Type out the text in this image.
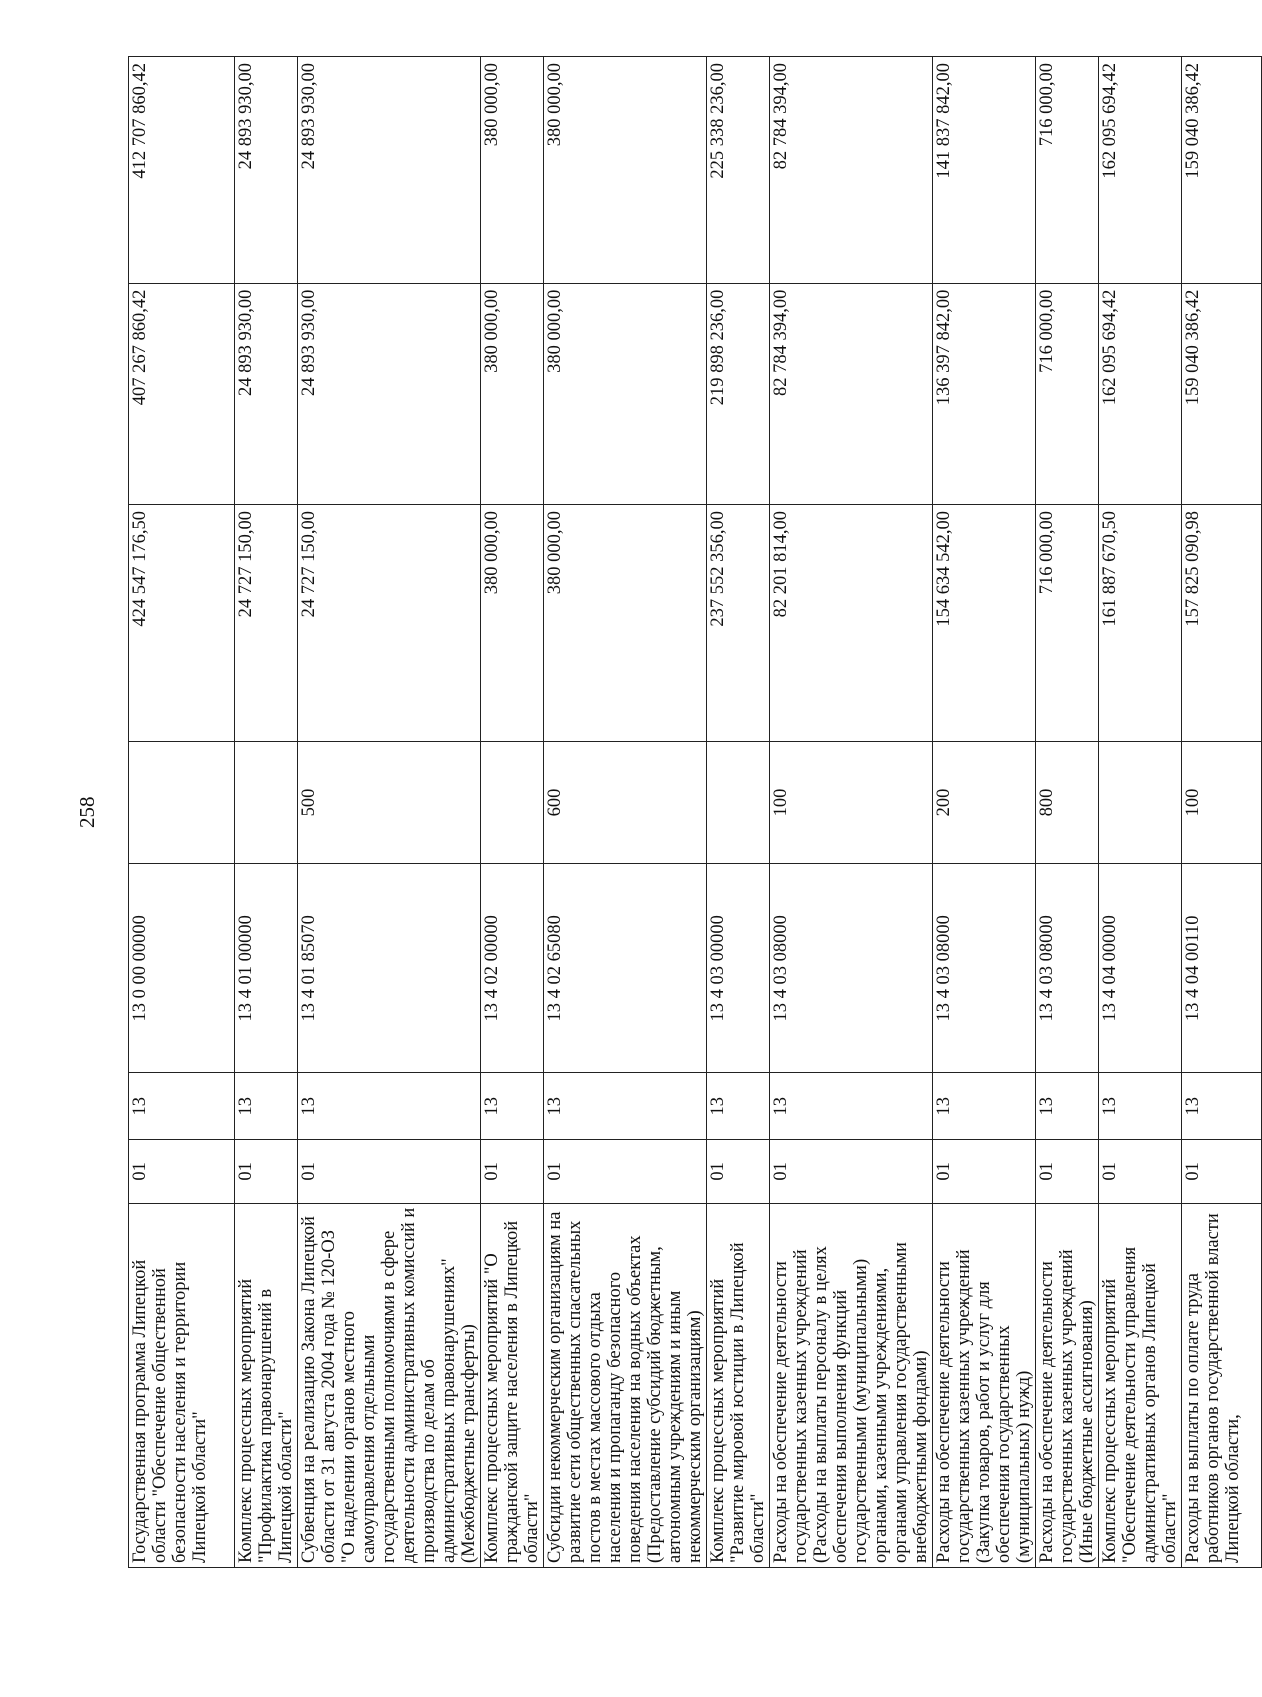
258
Государственная программа Липецкой области "Обеспечение общественной безопасности населения и территории Липецкой области"	01	13	13 0 00 00000		424 547 176,50	407 267 860,42	412 707 860,42
Комплекс процессных мероприятий "Профилактика правонарушений в Липецкой области"	01	13	13 4 01 00000		24 727 150,00	24 893 930,00	24 893 930,00
Субвенция на реализацию Закона Липецкой области от 31 августа 2004 года № 120-ОЗ "О наделении органов местного самоуправления отдельными государственными полномочиями в сфере деятельности административных комиссий и производства по делам об административных правонарушениях" (Межбюджетные трансферты)	01	13	13 4 01 85070	500	24 727 150,00	24 893 930,00	24 893 930,00
Комплекс процессных мероприятий "О гражданской защите населения в Липецкой области"	01	13	13 4 02 00000		380 000,00	380 000,00	380 000,00
Субсидии некоммерческим организациям на развитие сети общественных спасательных постов в местах массового отдыха населения и пропаганду безопасного поведения населения на водных объектах (Предоставление субсидий бюджетным, автономным учреждениям и иным некоммерческим организациям)	01	13	13 4 02 65080	600	380 000,00	380 000,00	380 000,00
Комплекс процессных мероприятий "Развитие мировой юстиции в Липецкой области"	01	13	13 4 03 00000		237 552 356,00	219 898 236,00	225 338 236,00
Расходы на обеспечение деятельности государственных казенных учреждений (Расходы на выплаты персоналу в целях обеспечения выполнения функций государственными (муниципальными) органами, казенными учреждениями, органами управления государственными внебюджетными фондами)	01	13	13 4 03 08000	100	82 201 814,00	82 784 394,00	82 784 394,00
Расходы на обеспечение деятельности государственных казенных учреждений (Закупка товаров, работ и услуг для обеспечения государственных (муниципальных) нужд)	01	13	13 4 03 08000	200	154 634 542,00	136 397 842,00	141 837 842,00
Расходы на обеспечение деятельности государственных казенных учреждений (Иные бюджетные ассигнования)	01	13	13 4 03 08000	800	716 000,00	716 000,00	716 000,00
Комплекс процессных мероприятий "Обеспечение деятельности управления административных органов Липецкой области"	01	13	13 4 04 00000		161 887 670,50	162 095 694,42	162 095 694,42
Расходы на выплаты по оплате труда работников органов государственной власти Липецкой области,	01	13	13 4 04 00110	100	157 825 090,98	159 040 386,42	159 040 386,42
